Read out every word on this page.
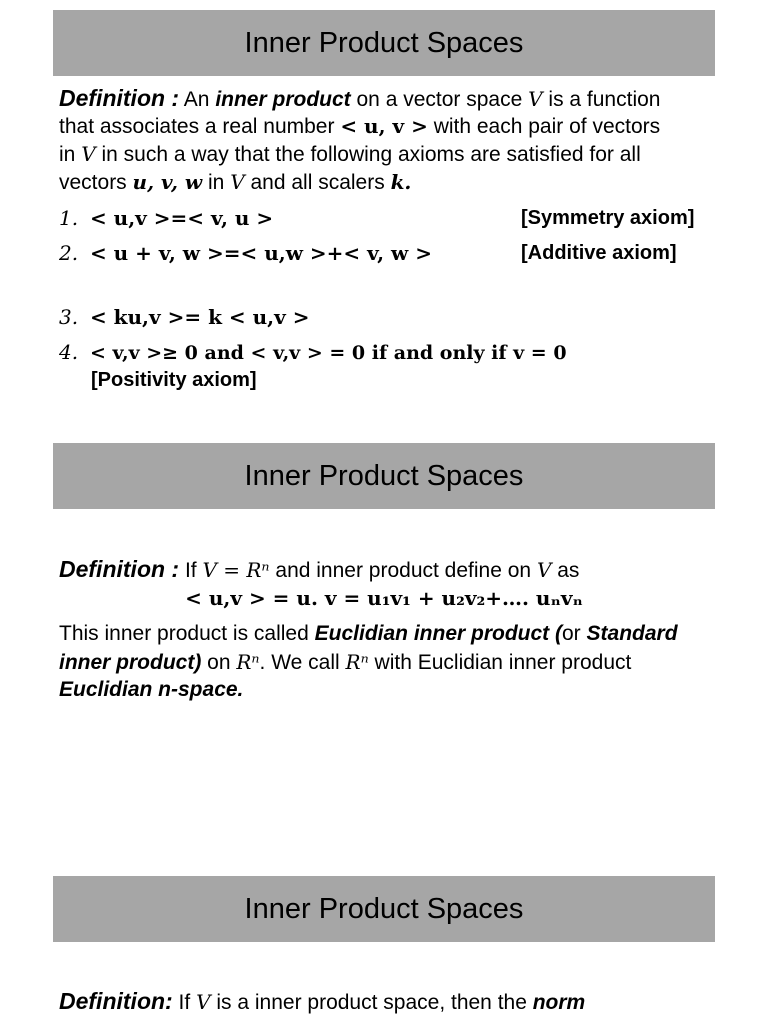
Inner Product Spaces
Definition : An inner product on a vector space V is a function
that associates a real number < u, v > with each pair of vectors
in V in such a way that the following axioms are satisfied for all
vectors u, v, w in V and all scalers k.
1. < u,v >=< v, u >	[Symmetry axiom]
2. < u + v, w >=< u,w >+< v, w >	[Additive axiom]
3. < ku,v >= k < u,v >
4. < v,v >≥ 0 and < v,v > = 0 if and only if v = 0
[Positivity axiom]
Inner Product Spaces
Definition : If V = Rⁿ and inner product define on V as
< u,v > = u. v = u₁v₁ + u₂v₂+…. uₙvₙ
This inner product is called Euclidian inner product (or Standard
inner product) on Rⁿ. We call Rⁿ with Euclidian inner product
Euclidian n-space.
Inner Product Spaces
Definition: If V is a inner product space, then the norm
